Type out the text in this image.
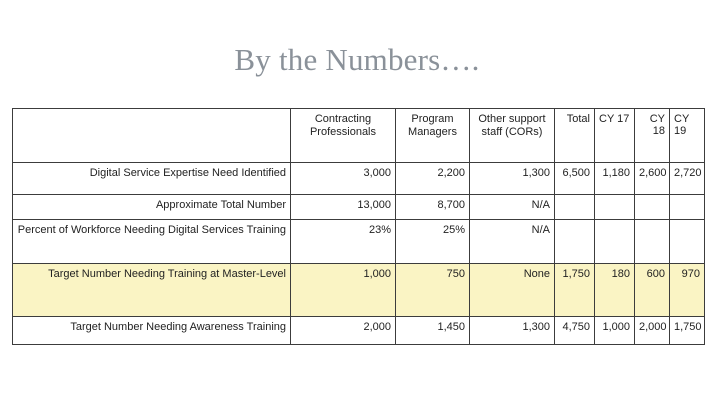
By the Numbers….
	Contracting Professionals	Program Managers	Other support staff (CORs)	Total	CY 17	CY 18	CY 19
Digital Service Expertise Need Identified	3,000	2,200	1,300	6,500	1,180	2,600	2,720
Approximate Total Number	13,000	8,700	N/A				
Percent of Workforce Needing Digital Services Training	23%	25%	N/A				
Target Number Needing Training at Master-Level	1,000	750	None	1,750	180	600	970
Target Number Needing Awareness Training	2,000	1,450	1,300	4,750	1,000	2,000	1,750
